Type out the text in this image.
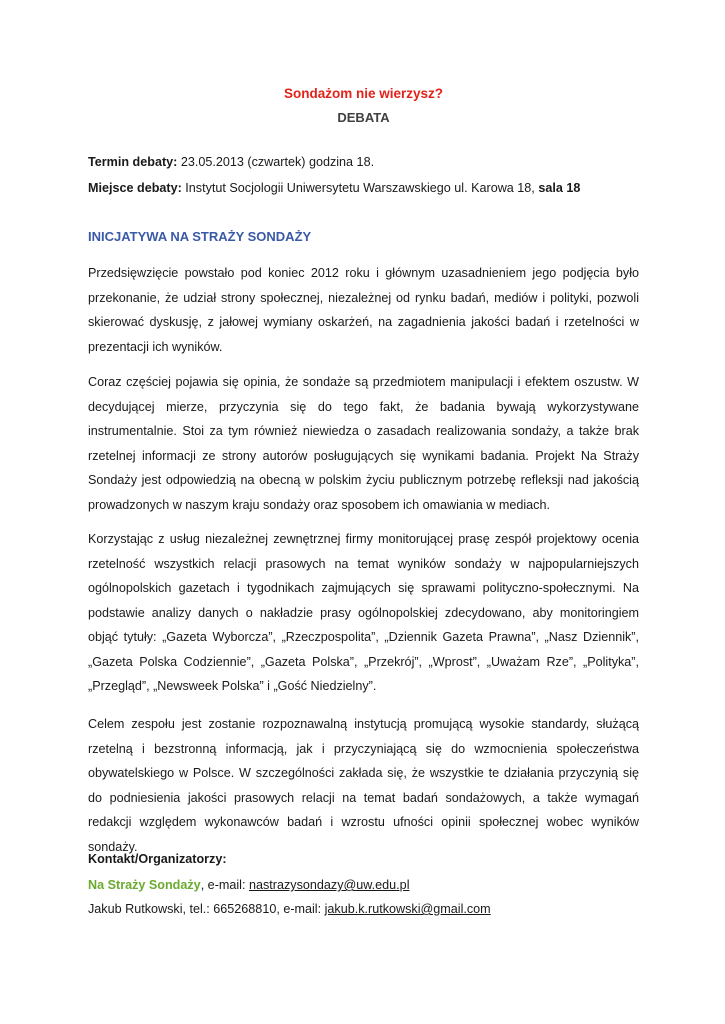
Sondażom nie wierzysz?
DEBATA
Termin debaty: 23.05.2013 (czwartek) godzina 18.
Miejsce debaty: Instytut Socjologii Uniwersytetu Warszawskiego ul. Karowa 18, sala 18
INICJATYWA NA STRAŻY SONDAŻY
Przedsięwzięcie powstało pod koniec 2012 roku i głównym uzasadnieniem jego podjęcia było przekonanie, że udział strony społecznej, niezależnej od rynku badań, mediów i polityki, pozwoli skierować dyskusję, z jałowej wymiany oskarżeń, na zagadnienia jakości badań i rzetelności w prezentacji ich wyników.
Coraz częściej pojawia się opinia, że sondaże są przedmiotem manipulacji i efektem oszustw. W decydującej mierze, przyczynia się do tego fakt, że badania bywają wykorzystywane instrumentalnie. Stoi za tym również niewiedza o zasadach realizowania sondaży, a także brak rzetelnej informacji ze strony autorów posługujących się wynikami badania. Projekt Na Straży Sondaży jest odpowiedzią na obecną w polskim życiu publicznym potrzebę refleksji nad jakością prowadzonych w naszym kraju sondaży oraz sposobem ich omawiania w mediach.
Korzystając z usług niezależnej zewnętrznej firmy monitorującej prasę zespół projektowy ocenia rzetelność wszystkich relacji prasowych na temat wyników sondaży w najpopularniejszych ogólnopolskich gazetach i tygodnikach zajmujących się sprawami polityczno-społecznymi. Na podstawie analizy danych o nakładzie prasy ogólnopolskiej zdecydowano, aby monitoringiem objąć tytuły: „Gazeta Wyborcza”, „Rzeczpospolita”, „Dziennik Gazeta Prawna”, „Nasz Dziennik”, „Gazeta Polska Codziennie”, „Gazeta Polska”, „Przekrój”, „Wprost”, „Uważam Rze”, „Polityka”, „Przegląd”, „Newsweek Polska” i „Gość Niedzielny”.
Celem zespołu jest zostanie rozpoznawalną instytucją promującą wysokie standardy, służącą rzetelną i bezstronną informacją, jak i przyczyniającą się do wzmocnienia społeczeństwa obywatelskiego w Polsce. W szczególności zakłada się, że wszystkie te działania przyczynią się do podniesienia jakości prasowych relacji na temat badań sondażowych, a także wymagań redakcji względem wykonawców badań i wzrostu ufności opinii społecznej wobec wyników sondaży.
Kontakt/Organizatorzy:
Na Straży Sondaży, e-mail: nastrazysondazy@uw.edu.pl
Jakub Rutkowski, tel.: 665268810, e-mail: jakub.k.rutkowski@gmail.com
